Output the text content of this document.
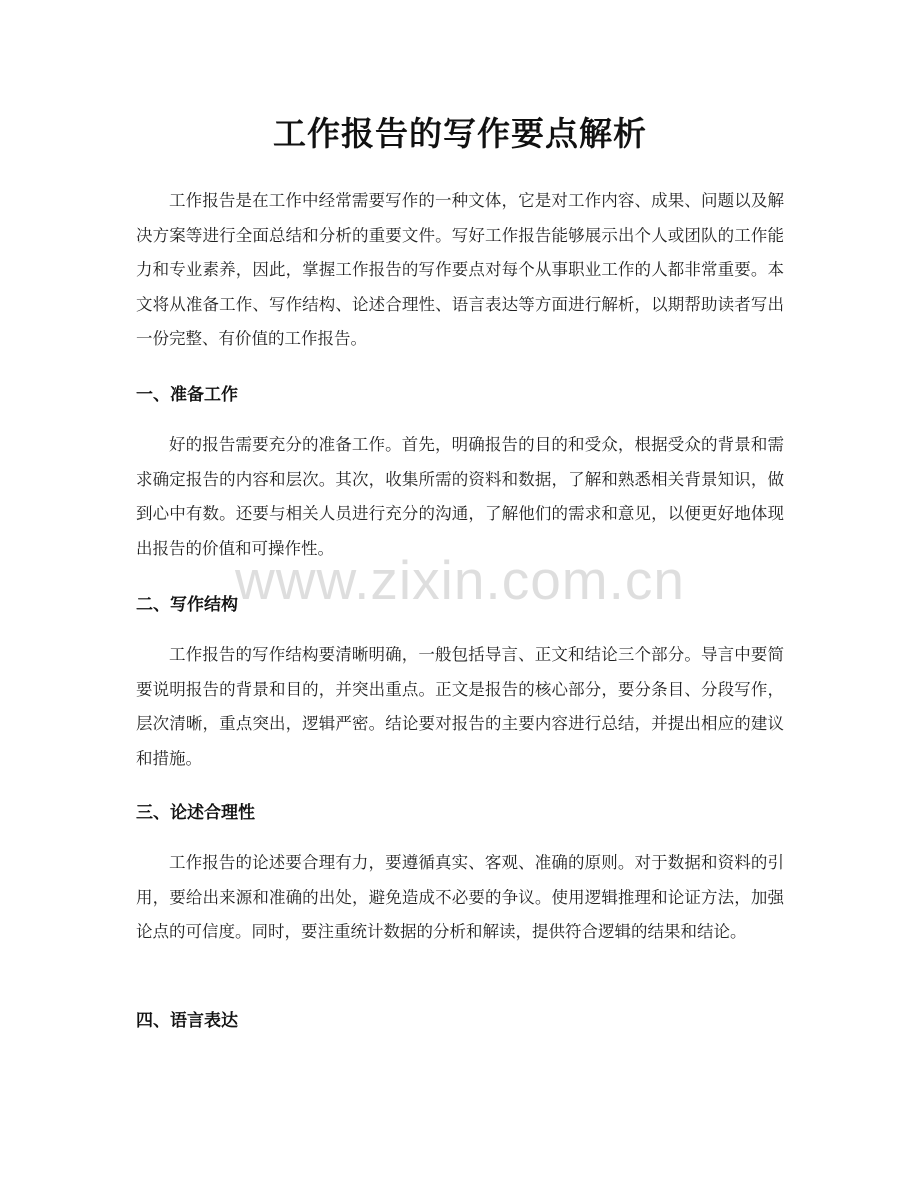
工作报告的写作要点解析

工作报告是在工作中经常需要写作的一种文体，它是对工作内容、成果、问题以及解决方案等进行全面总结和分析的重要文件。写好工作报告能够展示出个人或团队的工作能力和专业素养，因此，掌握工作报告的写作要点对每个从事职业工作的人都非常重要。本文将从准备工作、写作结构、论述合理性、语言表达等方面进行解析，以期帮助读者写出一份完整、有价值的工作报告。

一、准备工作

好的报告需要充分的准备工作。首先，明确报告的目的和受众，根据受众的背景和需求确定报告的内容和层次。其次，收集所需的资料和数据，了解和熟悉相关背景知识，做到心中有数。还要与相关人员进行充分的沟通，了解他们的需求和意见，以便更好地体现出报告的价值和可操作性。

二、写作结构

工作报告的写作结构要清晰明确，一般包括导言、正文和结论三个部分。导言中要简要说明报告的背景和目的，并突出重点。正文是报告的核心部分，要分条目、分段写作，层次清晰，重点突出，逻辑严密。结论要对报告的主要内容进行总结，并提出相应的建议和措施。

三、论述合理性

工作报告的论述要合理有力，要遵循真实、客观、准确的原则。对于数据和资料的引用，要给出来源和准确的出处，避免造成不必要的争议。使用逻辑推理和论证方法，加强论点的可信度。同时，要注重统计数据的分析和解读，提供符合逻辑的结果和结论。

四、语言表达
www.zixin.com.cn
